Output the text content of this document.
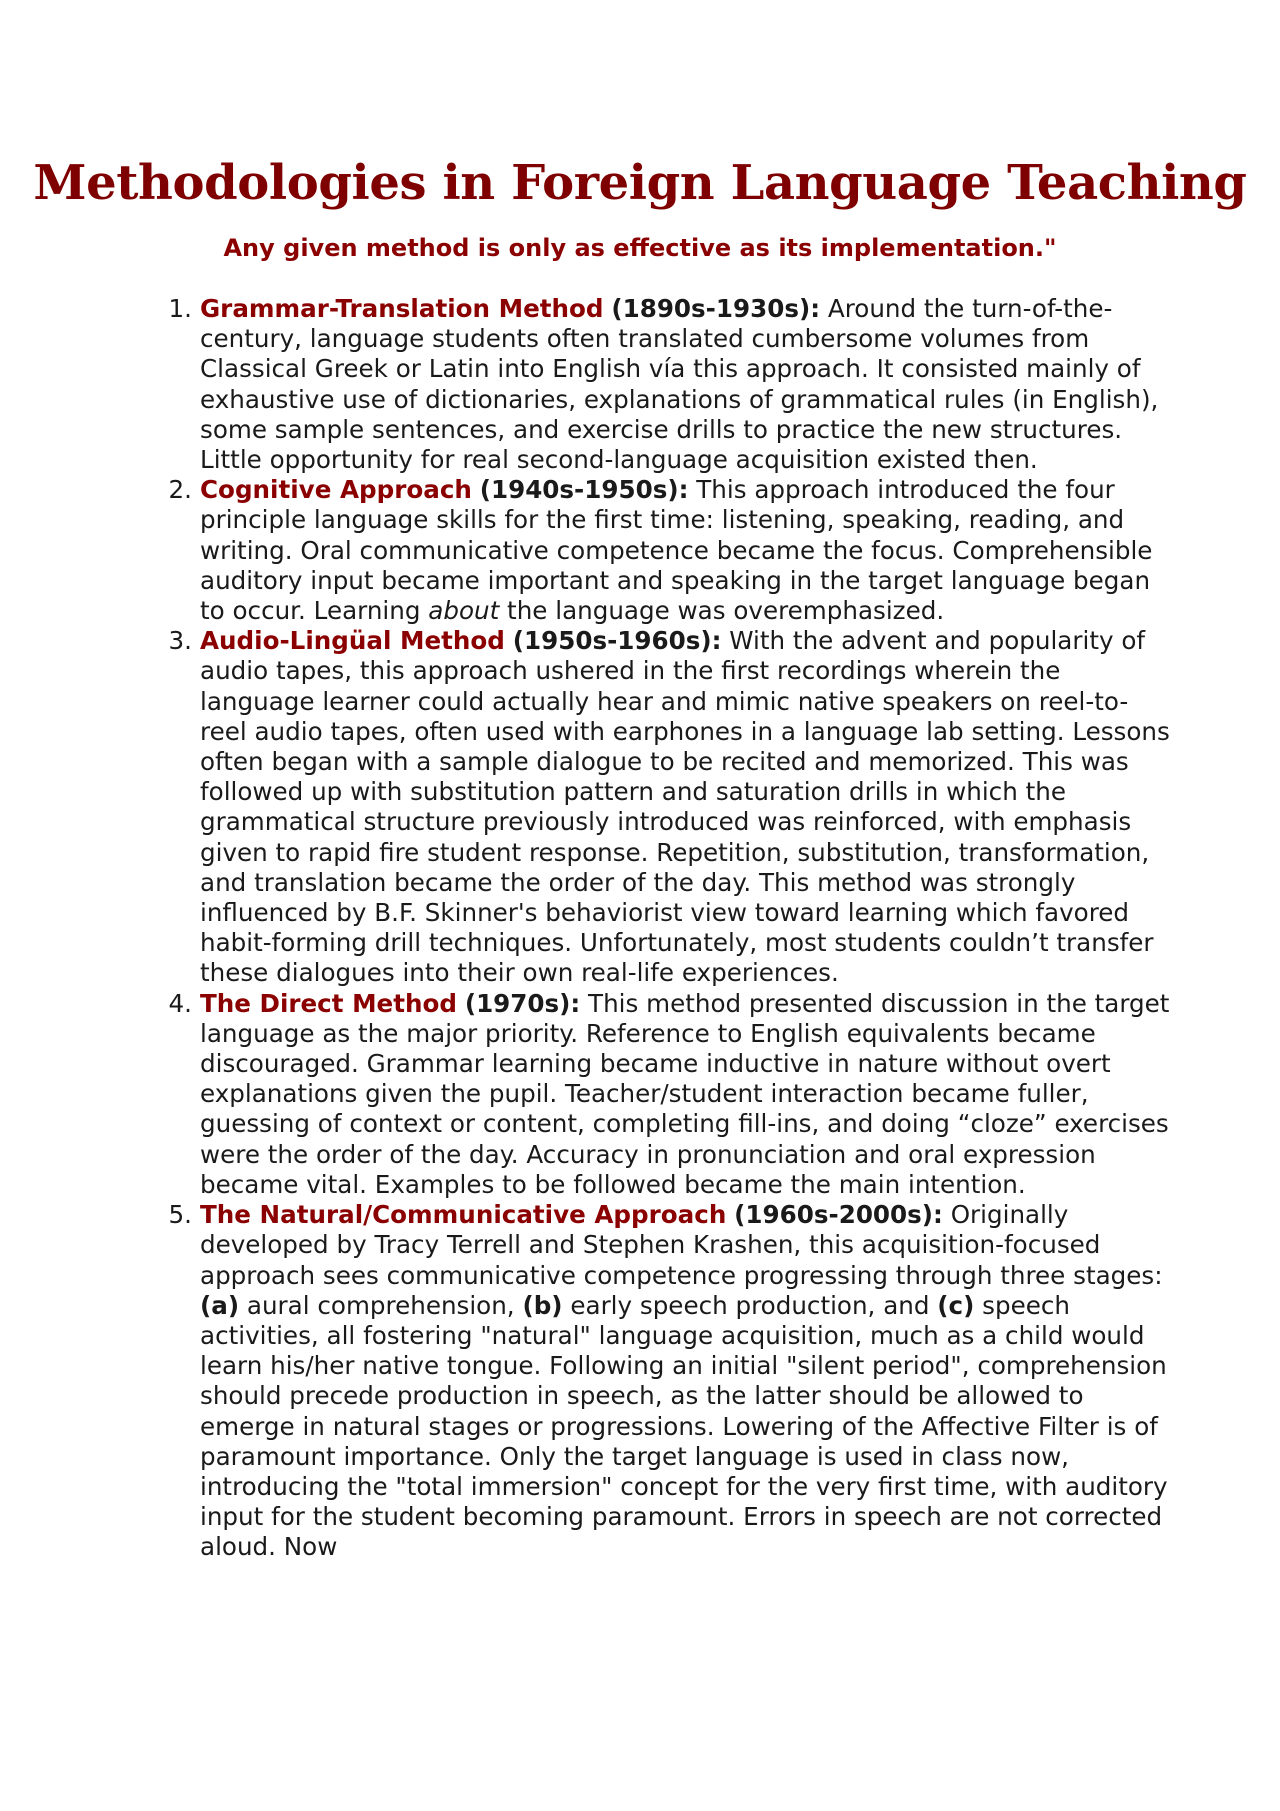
Methodologies in Foreign Language Teaching

Any given method is only as effective as its implementation."

1. Grammar-Translation Method (1890s-1930s): Around the turn-of-the-century, language students often translated cumbersome volumes from Classical Greek or Latin into English vía this approach. It consisted mainly of exhaustive use of dictionaries, explanations of grammatical rules (in English), some sample sentences, and exercise drills to practice the new structures. Little opportunity for real second-language acquisition existed then.
2. Cognitive Approach (1940s-1950s): This approach introduced the four principle language skills for the first time: listening, speaking, reading, and writing. Oral communicative competence became the focus. Comprehensible auditory input became important and speaking in the target language began to occur. Learning about the language was overemphasized.
3. Audio-Lingüal Method (1950s-1960s): With the advent and popularity of audio tapes, this approach ushered in the first recordings wherein the language learner could actually hear and mimic native speakers on reel-to-reel audio tapes, often used with earphones in a language lab setting. Lessons often began with a sample dialogue to be recited and memorized. This was followed up with substitution pattern and saturation drills in which the grammatical structure previously introduced was reinforced, with emphasis given to rapid fire student response. Repetition, substitution, transformation, and translation became the order of the day. This method was strongly influenced by B.F. Skinner's behaviorist view toward learning which favored habit-forming drill techniques. Unfortunately, most students couldn’t transfer these dialogues into their own real-life experiences.
4. The Direct Method (1970s): This method presented discussion in the target language as the major priority. Reference to English equivalents became discouraged. Grammar learning became inductive in nature without overt explanations given the pupil. Teacher/student interaction became fuller, guessing of context or content, completing fill-ins, and doing “cloze” exercises were the order of the day. Accuracy in pronunciation and oral expression became vital. Examples to be followed became the main intention.
5. The Natural/Communicative Approach (1960s-2000s): Originally developed by Tracy Terrell and Stephen Krashen, this acquisition-focused approach sees communicative competence progressing through three stages: (a) aural comprehension, (b) early speech production, and (c) speech activities, all fostering "natural" language acquisition, much as a child would learn his/her native tongue. Following an initial "silent period", comprehension should precede production in speech, as the latter should be allowed to emerge in natural stages or progressions. Lowering of the Affective Filter is of paramount importance. Only the target language is used in class now, introducing the "total immersion" concept for the very first time, with auditory input for the student becoming paramount. Errors in speech are not corrected aloud. Now
